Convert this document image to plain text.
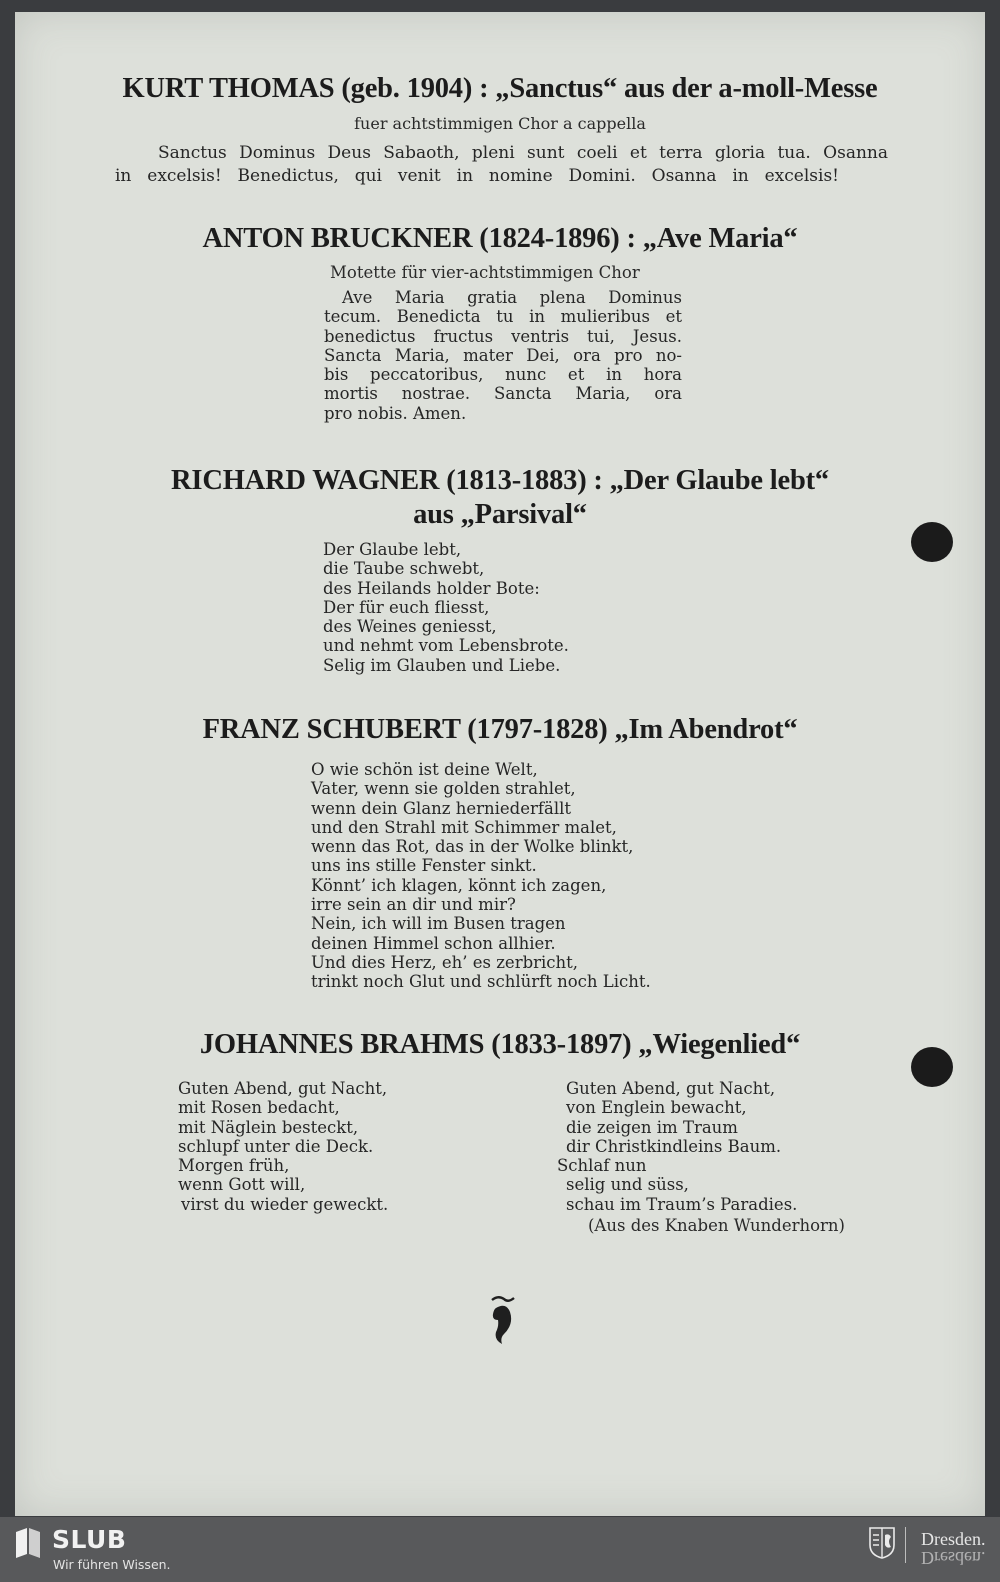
KURT THOMAS (geb. 1904) : „Sanctus“ aus der a-moll-Messe
fuer achtstimmigen Chor a cappella
Sanctus Dominus Deus Sabaoth, pleni sunt coeli et terra gloria tua. Osanna
in excelsis! Benedictus, qui venit in nomine Domini. Osanna in excelsis!
ANTON BRUCKNER (1824-1896) : „Ave Maria“
Motette für vier-achtstimmigen Chor
Ave Maria gratia plena Dominus
tecum. Benedicta tu in mulieribus et
benedictus fructus ventris tui, Jesus.
Sancta Maria, mater Dei, ora pro no-
bis peccatoribus, nunc et in hora
mortis nostrae. Sancta Maria, ora
pro nobis. Amen.
RICHARD WAGNER (1813-1883) : „Der Glaube lebt“
aus „Parsival“
Der Glaube lebt,
die Taube schwebt,
des Heilands holder Bote:
Der für euch fliesst,
des Weines geniesst,
und nehmt vom Lebensbrote.
Selig im Glauben und Liebe.
FRANZ SCHUBERT (1797-1828) „Im Abendrot“
O wie schön ist deine Welt,
Vater, wenn sie golden strahlet,
wenn dein Glanz herniederfällt
und den Strahl mit Schimmer malet,
wenn das Rot, das in der Wolke blinkt,
uns ins stille Fenster sinkt.
Könnt’ ich klagen, könnt ich zagen,
irre sein an dir und mir?
Nein, ich will im Busen tragen
deinen Himmel schon allhier.
Und dies Herz, eh’ es zerbricht,
trinkt noch Glut und schlürft noch Licht.
JOHANNES BRAHMS (1833-1897) „Wiegenlied“
Guten Abend, gut Nacht,
mit Rosen bedacht,
mit Näglein besteckt,
schlupf unter die Deck.
Morgen früh,
wenn Gott will,
virst du wieder geweckt.
Guten Abend, gut Nacht,
von Englein bewacht,
die zeigen im Traum
dir Christkindleins Baum.
Schlaf nun
selig und süss,
schau im Traum’s Paradies.
(Aus des Knaben Wunderhorn)
SLUB
Wir führen Wissen.
Dresden.
Dresden.
